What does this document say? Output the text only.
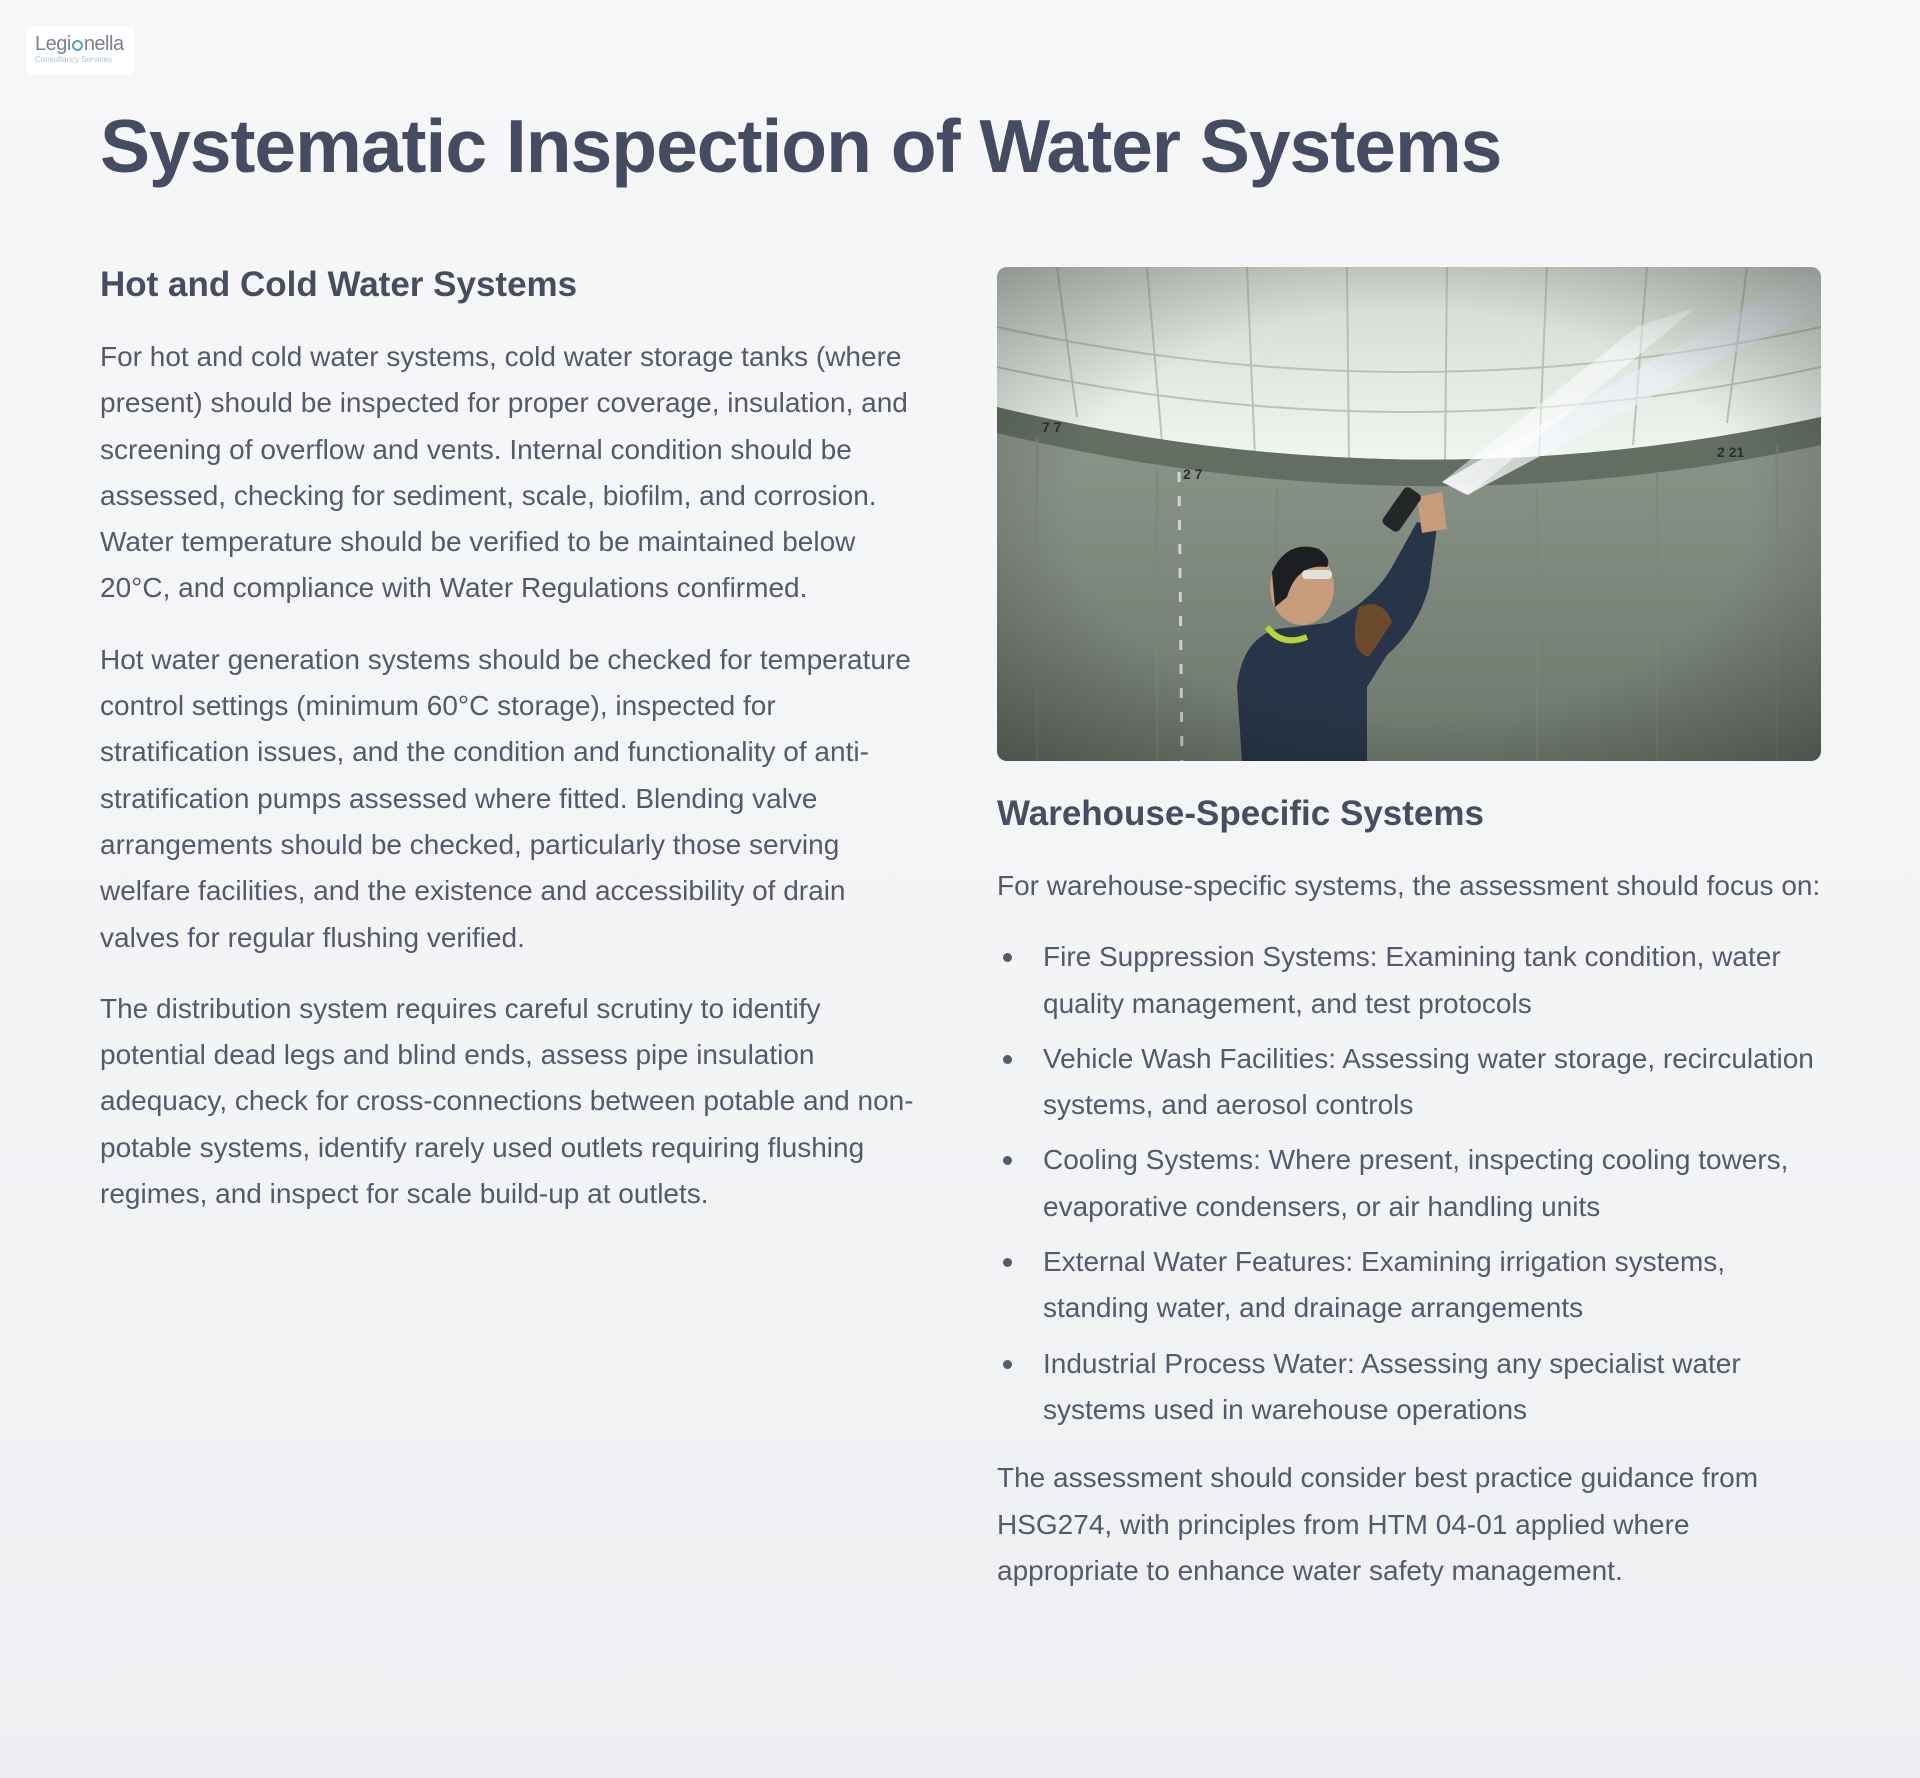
Legi nella
Consultancy Services
Systematic Inspection of Water Systems
Hot and Cold Water Systems

For hot and cold water systems, cold water storage tanks (where present) should be inspected for proper coverage, insulation, and screening of overflow and vents. Internal condition should be assessed, checking for sediment, scale, biofilm, and corrosion. Water temperature should be verified to be maintained below 20°C, and compliance with Water Regulations confirmed.

Hot water generation systems should be checked for temperature control settings (minimum 60°C storage), inspected for stratification issues, and the condition and functionality of anti-stratification pumps assessed where fitted. Blending valve arrangements should be checked, particularly those serving welfare facilities, and the existence and accessibility of drain valves for regular flushing verified.

The distribution system requires careful scrutiny to identify potential dead legs and blind ends, assess pipe insulation adequacy, check for cross-connections between potable and non-potable systems, identify rarely used outlets requiring flushing regimes, and inspect for scale build-up at outlets.

Warehouse-Specific Systems

For warehouse-specific systems, the assessment should focus on:

Fire Suppression Systems: Examining tank condition, water quality management, and test protocols
Vehicle Wash Facilities: Assessing water storage, recirculation systems, and aerosol controls
Cooling Systems: Where present, inspecting cooling towers, evaporative condensers, or air handling units
External Water Features: Examining irrigation systems, standing water, and drainage arrangements
Industrial Process Water: Assessing any specialist water systems used in warehouse operations

The assessment should consider best practice guidance from HSG274, with principles from HTM 04-01 applied where appropriate to enhance water safety management.
